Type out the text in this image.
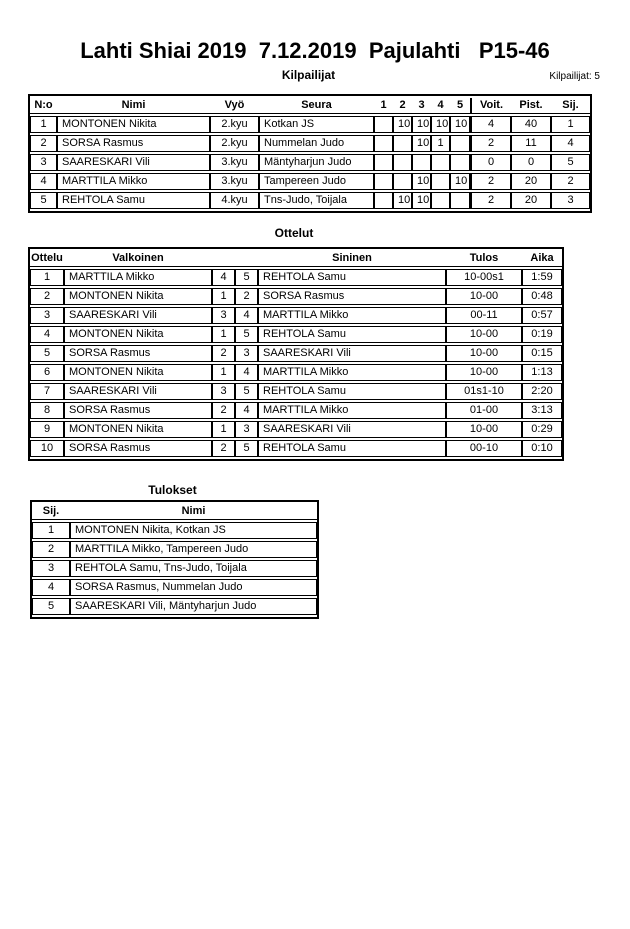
Lahti Shiai 2019  7.12.2019  Pajulahti   P15-46
Kilpailijat	Kilpailijat: 5
N:o	Nimi	Vyö	Seura	1	2	3	4	5	Voit.	Pist.	Sij.
1	MONTONEN Nikita	2.kyu	Kotkan JS		10	10	10	10	4	40	1
2	SORSA Rasmus	2.kyu	Nummelan Judo			10	1		2	11	4
3	SAARESKARI Vili	3.kyu	Mäntyharjun Judo						0	0	5
4	MARTTILA Mikko	3.kyu	Tampereen Judo			10		10	2	20	2
5	REHTOLA Samu	4.kyu	Tns-Judo, Toijala		10	10			2	20	3
Ottelut
Ottelu	Valkoinen			Sininen	Tulos	Aika
1	MARTTILA Mikko	4	5	REHTOLA Samu	10-00s1	1:59
2	MONTONEN Nikita	1	2	SORSA Rasmus	10-00	0:48
3	SAARESKARI Vili	3	4	MARTTILA Mikko	00-11	0:57
4	MONTONEN Nikita	1	5	REHTOLA Samu	10-00	0:19
5	SORSA Rasmus	2	3	SAARESKARI Vili	10-00	0:15
6	MONTONEN Nikita	1	4	MARTTILA Mikko	10-00	1:13
7	SAARESKARI Vili	3	5	REHTOLA Samu	01s1-10	2:20
8	SORSA Rasmus	2	4	MARTTILA Mikko	01-00	3:13
9	MONTONEN Nikita	1	3	SAARESKARI Vili	10-00	0:29
10	SORSA Rasmus	2	5	REHTOLA Samu	00-10	0:10
Tulokset
Sij.	Nimi
1	MONTONEN Nikita, Kotkan JS
2	MARTTILA Mikko, Tampereen Judo
3	REHTOLA Samu, Tns-Judo, Toijala
4	SORSA Rasmus, Nummelan Judo
5	SAARESKARI Vili, Mäntyharjun Judo
